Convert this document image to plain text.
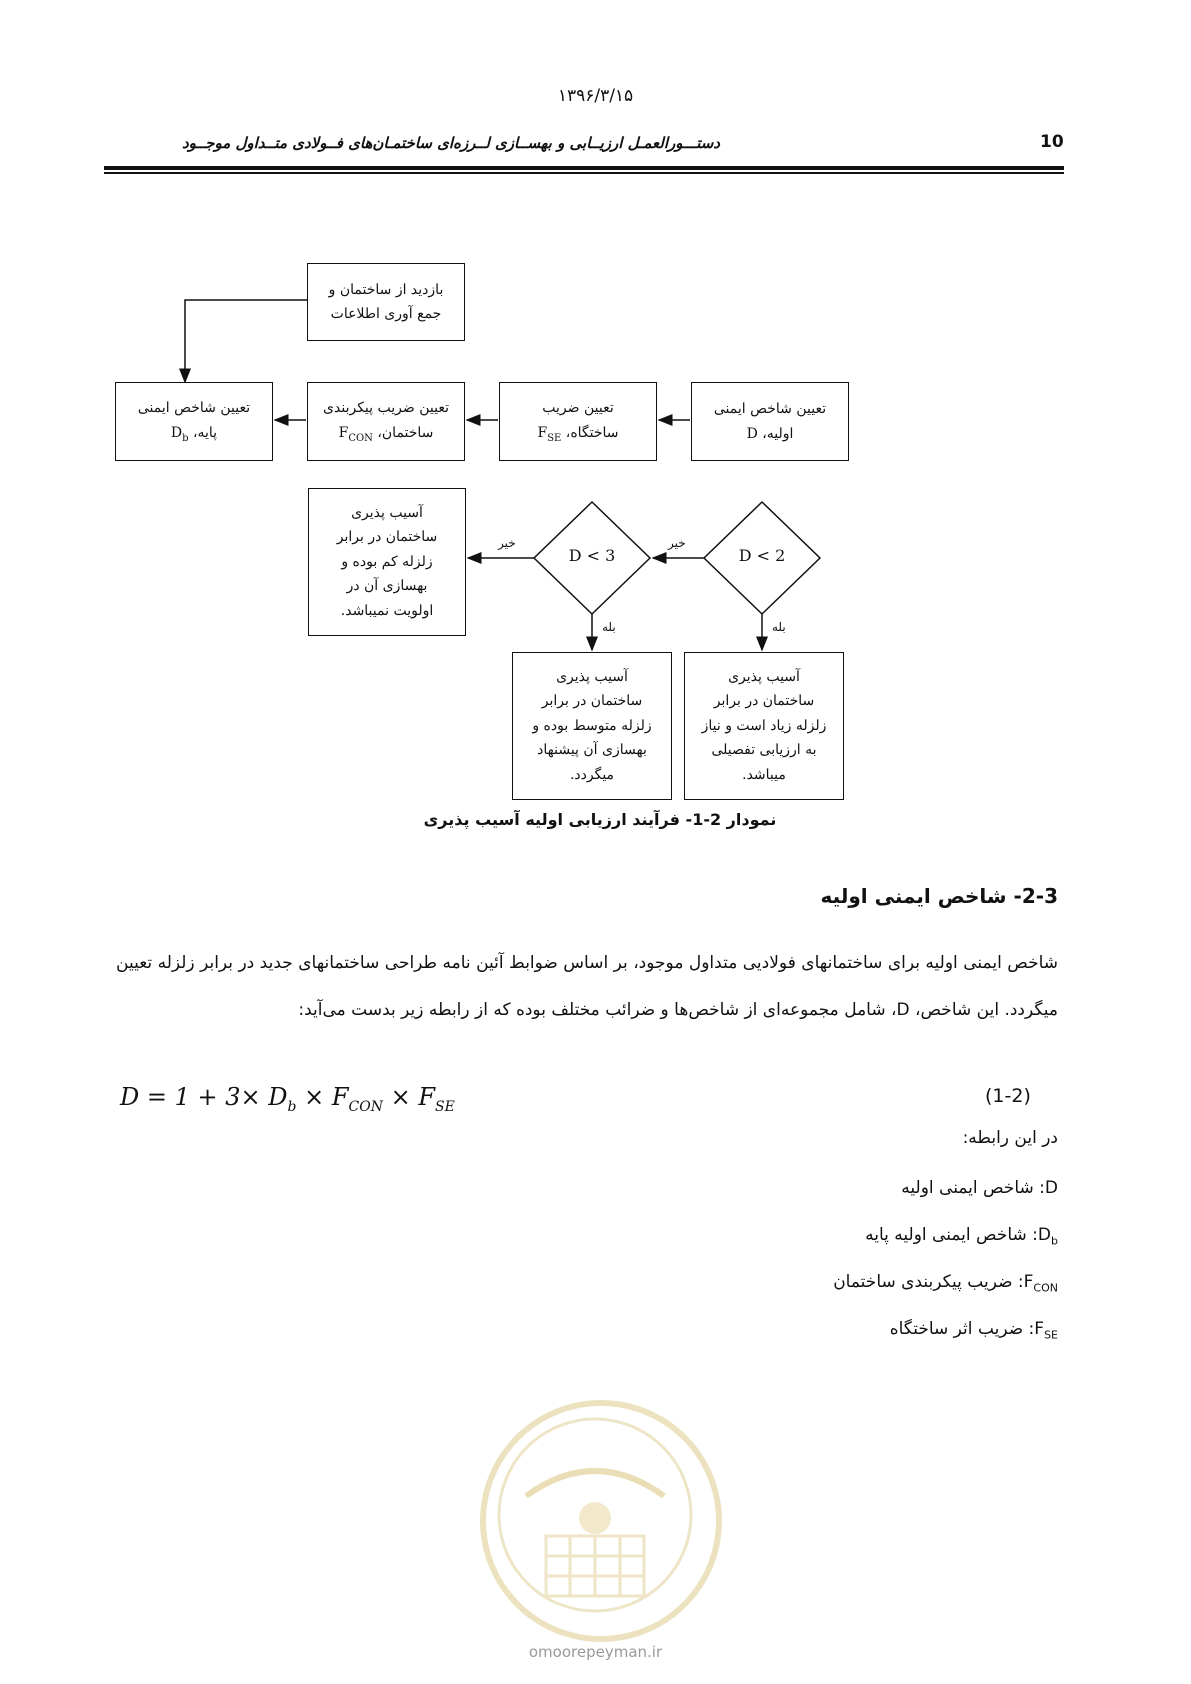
۱۳۹۶/۳/۱۵
10
دستـــورالعمـل ارزیــابی و بهســازی لــرزه‌ای ساختمـان‌های فــولادی متــداول موجــود
بازدید از ساختمان و
جمع آوری اطلاعات
تعیین شاخص ایمنی
پایه، $D_b$
تعیین ضریب پیکربندی
ساختمان، $F_{CON}$
تعیین ضریب
ساختگاه، $F_{SE}$
تعیین شاخص ایمنی
اولیه، D
D < 2
D < 3
خیر
خیر
بله
بله
آسیب پذیری
ساختمان در برابر
زلزله کم بوده و
بهسازی آن در
اولویت نمیباشد.
آسیب پذیری
ساختمان در برابر
زلزله متوسط بوده و
بهسازی آن پیشنهاد
میگردد.
آسیب پذیری
ساختمان در برابر
زلزله زیاد است و نیاز
به ارزیابی تفصیلی
میباشد.
نمودار 2-1- فرآیند ارزیابی اولیه آسیب پذیری
2-3- شاخص ایمنی اولیه
شاخص ایمنی اولیه برای ساختمانهای فولادیی متداول موجود، بر اساس ضوابط آئین نامه طراحی ساختمانهای جدید در برابر زلزله تعیین میگردد. این شاخص، D، شامل مجموعه‌ای از شاخص‌ها و ضرائب مختلف بوده که از رابطه زیر بدست می‌آید:
$D = 1 + 3\times D_b \times F_{CON} \times F_{SE}$	(1-2)
در این رابطه:
D: شاخص ایمنی اولیه
$D_b$: شاخص ایمنی اولیه پایه
$F_{CON}$: ضریب پیکربندی ساختمان
$F_{SE}$: ضریب اثر ساختگاه
omoorepeyman.ir
